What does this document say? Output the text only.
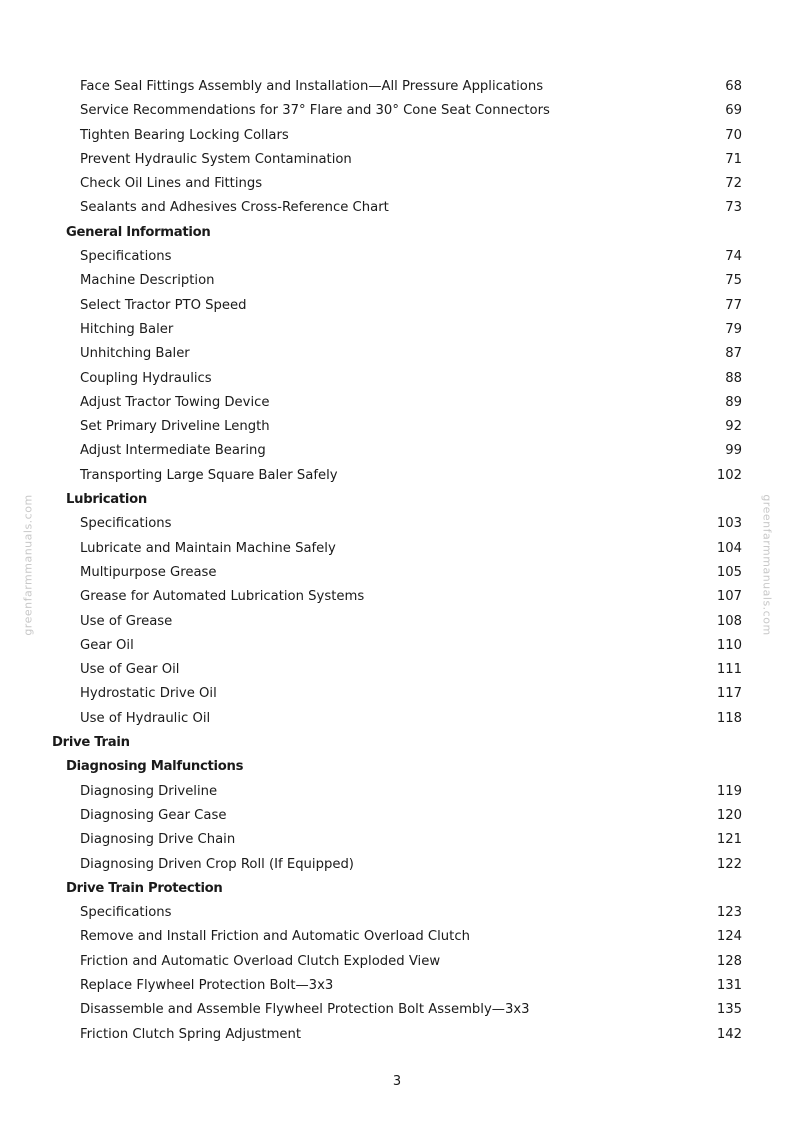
Face Seal Fittings Assembly and Installation—All Pressure Applications	68
Service Recommendations for 37° Flare and 30° Cone Seat Connectors	69
Tighten Bearing Locking Collars	70
Prevent Hydraulic System Contamination	71
Check Oil Lines and Fittings	72
Sealants and Adhesives Cross-Reference Chart	73
General Information
Specifications	74
Machine Description	75
Select Tractor PTO Speed	77
Hitching Baler	79
Unhitching Baler	87
Coupling Hydraulics	88
Adjust Tractor Towing Device	89
Set Primary Driveline Length	92
Adjust Intermediate Bearing	99
Transporting Large Square Baler Safely	102
Lubrication
Specifications	103
Lubricate and Maintain Machine Safely	104
Multipurpose Grease	105
Grease for Automated Lubrication Systems	107
Use of Grease	108
Gear Oil	110
Use of Gear Oil	111
Hydrostatic Drive Oil	117
Use of Hydraulic Oil	118
Drive Train
Diagnosing Malfunctions
Diagnosing Driveline	119
Diagnosing Gear Case	120
Diagnosing Drive Chain	121
Diagnosing Driven Crop Roll (If Equipped)	122
Drive Train Protection
Specifications	123
Remove and Install Friction and Automatic Overload Clutch	124
Friction and Automatic Overload Clutch Exploded View	128
Replace Flywheel Protection Bolt—3x3	131
Disassemble and Assemble Flywheel Protection Bolt Assembly—3x3	135
Friction Clutch Spring Adjustment	142
greenfarmmanuals.com	greenfarmmanuals.com
3
